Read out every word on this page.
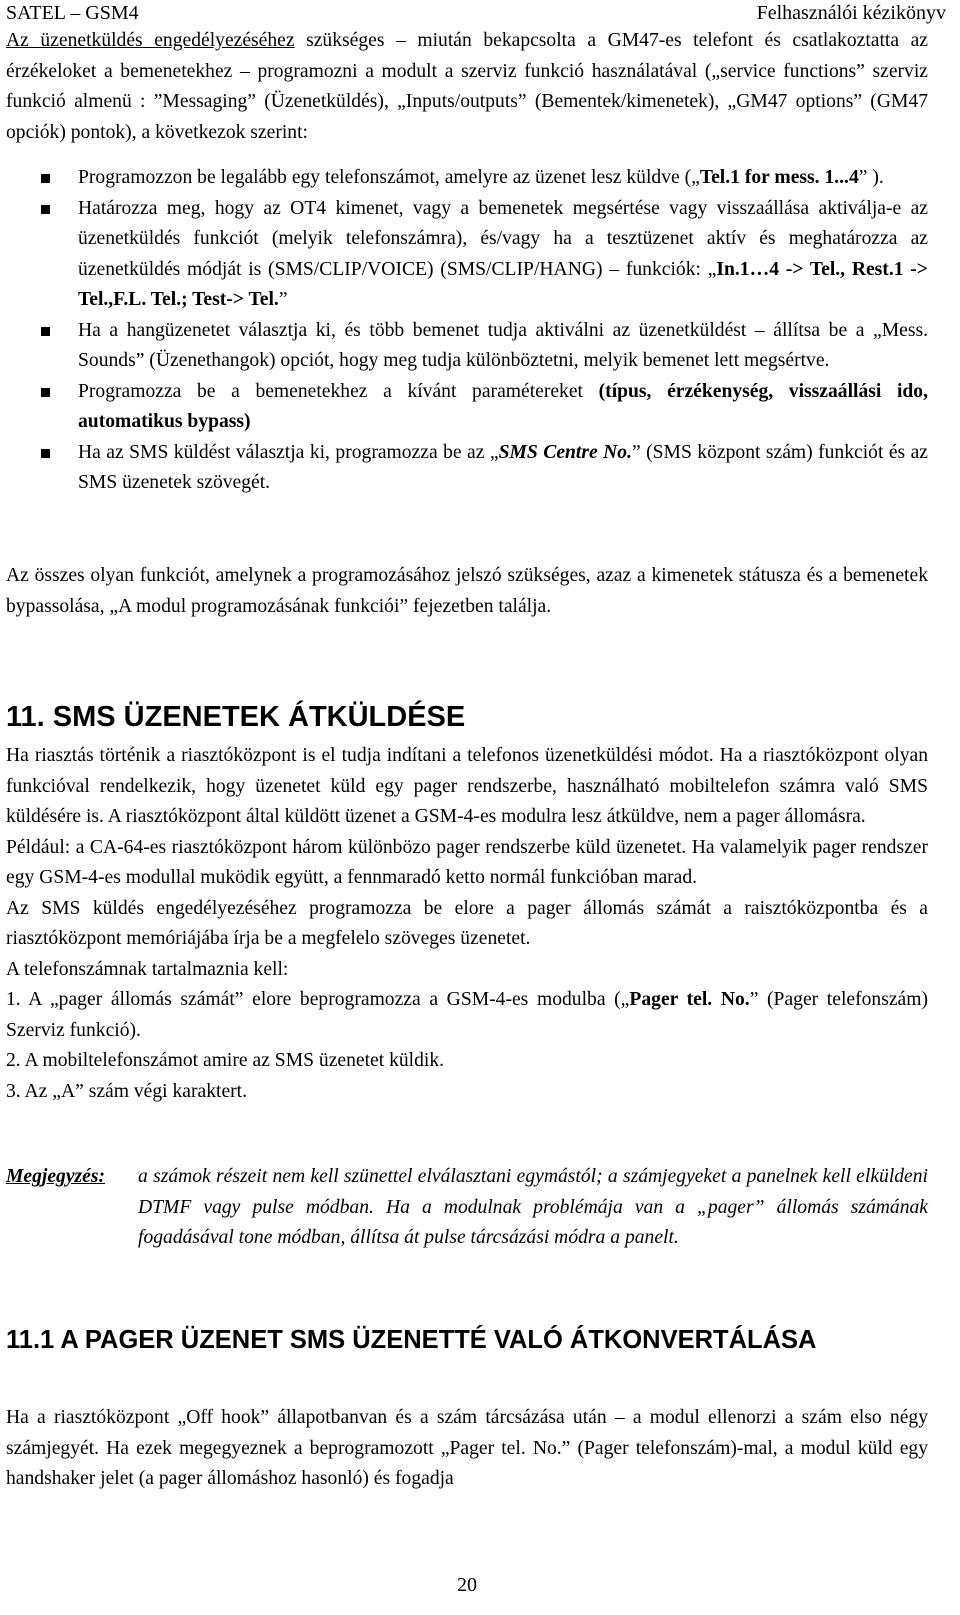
SATEL – GSM4	Felhasználói kézikönyv
Az üzenetküldés engedélyezéséhez szükséges – miután bekapcsolta a GM47-es telefont és csatlakoztatta az érzékeloket a bemenetekhez – programozni a modult a szerviz funkció használatával („service functions” szerviz funkció almenü : ”Messaging” (Üzenetküldés), „Inputs/outputs” (Bementek/kimenetek), „GM47 options” (GM47 opciók) pontok), a következok szerint:
Programozzon be legalább egy telefonszámot, amelyre az üzenet lesz küldve („Tel.1 for mess. 1...4” ).
Határozza meg, hogy az OT4 kimenet, vagy a bemenetek megsértése vagy visszaállása aktiválja-e az üzenetküldés funkciót (melyik telefonszámra), és/vagy ha a tesztüzenet aktív és meghatározza az üzenetküldés módját is (SMS/CLIP/VOICE) (SMS/CLIP/HANG) – funkciók: „In.1…4 -> Tel., Rest.1 -> Tel.,F.L. Tel.; Test-> Tel.”
Ha a hangüzenetet választja ki, és több bemenet tudja aktiválni az üzenetküldést – állítsa be a „Mess. Sounds” (Üzenethangok) opciót, hogy meg tudja különböztetni, melyik bemenet lett megsértve.
Programozza be a bemenetekhez a kívánt paramétereket (típus, érzékenység, visszaállási ido, automatikus bypass)
Ha az SMS küldést választja ki, programozza be az „SMS Centre No.” (SMS központ szám) funkciót és az SMS üzenetek szövegét.
Az összes olyan funkciót, amelynek a programozásához jelszó szükséges, azaz a kimenetek státusza és a bemenetek bypassolása, „A modul programozásának funkciói” fejezetben találja.
11. SMS ÜZENETEK ÁTKÜLDÉSE
Ha riasztás történik a riasztóközpont is el tudja indítani a telefonos üzenetküldési módot. Ha a riasztóközpont olyan funkcióval rendelkezik, hogy üzenetet küld egy pager rendszerbe, használható mobiltelefon számra való SMS küldésére is. A riasztóközpont által küldött üzenet a GSM-4-es modulra lesz átküldve, nem a pager állomásra.
Például: a CA-64-es riasztóközpont három különbözo pager rendszerbe küld üzenetet. Ha valamelyik pager rendszer egy GSM-4-es modullal muködik együtt, a fennmaradó ketto normál funkcióban marad.
Az SMS küldés engedélyezéséhez programozza be elore a pager állomás számát a raisztóközpontba és a riasztóközpont memóriájába írja be a megfelelo szöveges üzenetet.
A telefonszámnak tartalmaznia kell:
1. A „pager állomás számát” elore beprogramozza a GSM-4-es modulba („Pager tel. No.” (Pager telefonszám) Szerviz funkció).
2. A mobiltelefonszámot amire az SMS üzenetet küldik.
3. Az „A” szám végi karaktert.
Megjegyzés: a számok részeit nem kell szünettel elválasztani egymástól; a számjegyeket a panelnek kell elküldeni DTMF vagy pulse módban. Ha a modulnak problémája van a „pager” állomás számának fogadásával tone módban, állítsa át pulse tárcsázási módra a panelt.
11.1 A PAGER ÜZENET SMS ÜZENETTÉ VALÓ ÁTKONVERTÁLÁSA
Ha a riasztóközpont „Off hook” állapotbanvan és a szám tárcsázása után – a modul ellenorzi a szám elso négy számjegyét. Ha ezek megegyeznek a beprogramozott „Pager tel. No.” (Pager telefonszám)-mal, a modul küld egy handshaker jelet (a pager állomáshoz hasonló) és fogadja
20
